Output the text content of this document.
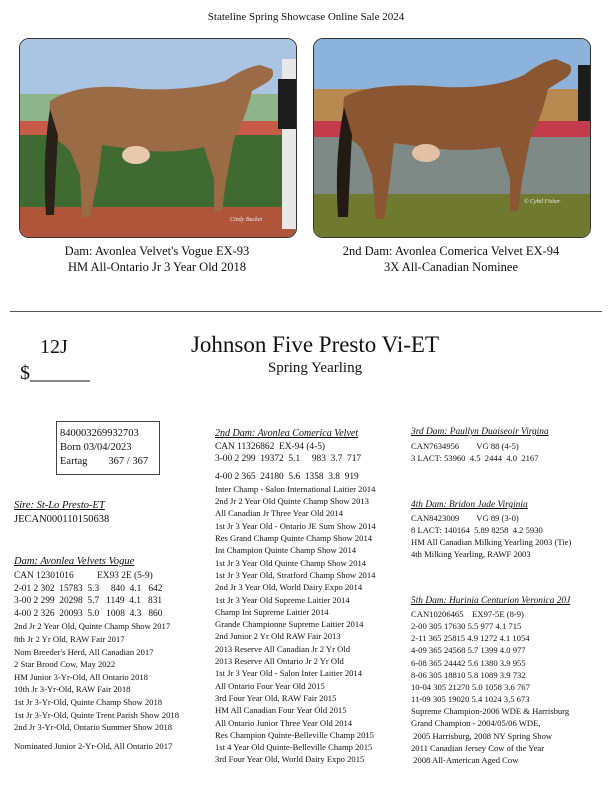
Stateline Spring Showcase Online Sale 2024
Cindy Bucket
© Cybil Fisher
Dam: Avonlea Velvet's Vogue EX-93
HM All-Ontario Jr 3 Year Old 2018
2nd Dam: Avonlea Comerica Velvet EX-94
3X All-Canadian Nominee
12J
$______
Johnson Five Presto Vi-ET
Spring Yearling
840003269932703
Born 03/04/2023
Eartag        367 / 367
Sire: St-Lo Presto-ET
JECAN000110150638
Dam: Avonlea Velvets Vogue
CAN 12301016          EX93 2E (5-9)
2-01 2 302  15783  5.3     840  4.1   642
3-00 2 299  20298  5.7   1149  4.1   831
4-00 2 326  20093  5.0   1008  4.3   860
2nd Jr 2 Year Old, Quinte Champ Show 2017
8th Jr 2 Yr Old, RAW Fair 2017
Nom Breeder's Herd, All Canadian 2017
2 Star Brood Cow, May 2022
HM Junior 3-Yr-Old, All Ontario 2018
10th Jr 3-Yr-Old, RAW Fair 2018
1st Jr 3-Yr-Old, Quinte Champ Show 2018
1st Jr 3-Yr-Old, Quinte Trent Parish Show 2018
2nd Jr 3-Yr-Old, Ontario Summer Show 2018
Nominated Junior 2-Yr-Old, All Ontario 2017
2nd Dam: Avonlea Comerica Velvet
CAN 11326862  EX-94 (4-5)
3-00 2 299  19372  5.1     983  3.7  717
4-00 2 365  24180  5.6  1358  3.8  919
Inter Champ - Salon International Laitier 2014
2nd Jr 2 Year Old Quinte Champ Show 2013
All Canadian Jr Three Year Old 2014
1st Jr 3 Year Old - Ontario JE Sum Show 2014
Res Grand Champ Quinte Champ Show 2014
Int Champion Quinte Champ Show 2014
1st Jr 3 Year Old Quinte Champ Show 2014
1st Jr 3 Year Old, Stratford Champ Show 2014
2nd Jr 3 Year Old, World Dairy Expo 2014
1st Jr 3 Year Old Supreme Laitier 2014
Champ Int Supreme Laitier 2014
Grande Championne Supreme Laitier 2014
2nd Junior 2 Yr Old RAW Fair 2013
2013 Reserve All Canadian Jr 2 Yr Old
2013 Reserve All Ontario Jr 2 Yr Old
1st Jr 3 Year Old - Salon Inter Laitier 2014
All Ontario Four Year Old 2015
3rd Four Year Old, RAW Fair 2015
HM All Canadian Four Year Old 2015
All Ontario Junior Three Year Old 2014
Res Champion Quinte-Belleville Champ 2015
1st 4 Year Old Quinte-Belleville Champ 2015
3rd Four Year Old, World Dairy Expo 2015
3rd Dam: Paullyn Duaiseoir Virgina
CAN7634956        VG 88 (4-5)
3 LACT: 53960  4.5  2444  4.0  2167
4th Dam: Bridon Jade Virginia
CAN8423009        VG 89 (3-0)
8 LACT: 140164  5.89 8258  4.2 5930
HM All Canadian Milking Yearling 2003 (Tie)
4th Milking Yearling, RAWF 2003
5th Dam: Hurinia Centurion Veronica 20J
CAN10206465    EX97-5E (8-9)
2-00 305 17630 5.5 977 4.1 715
2-11 365 25815 4.9 1272 4.1 1054
4-09 365 24568 5.7 1399 4.0 977
6-08 365 24442 5.6 1380 3.9 955
8-06 305 18810 5.8 1089 3.9 732
10-04 305 21270 5.0 1058 3.6 767
11-09 305 19020 5.4 1024 3.5 673
Supreme Champion-2006 WDE & Harrisburg
Grand Champion - 2004/05/06 WDE,
2005 Harrisburg, 2008 NY Spring Show
2011 Canadian Jersey Cow of the Year
2008 All-American Aged Cow
